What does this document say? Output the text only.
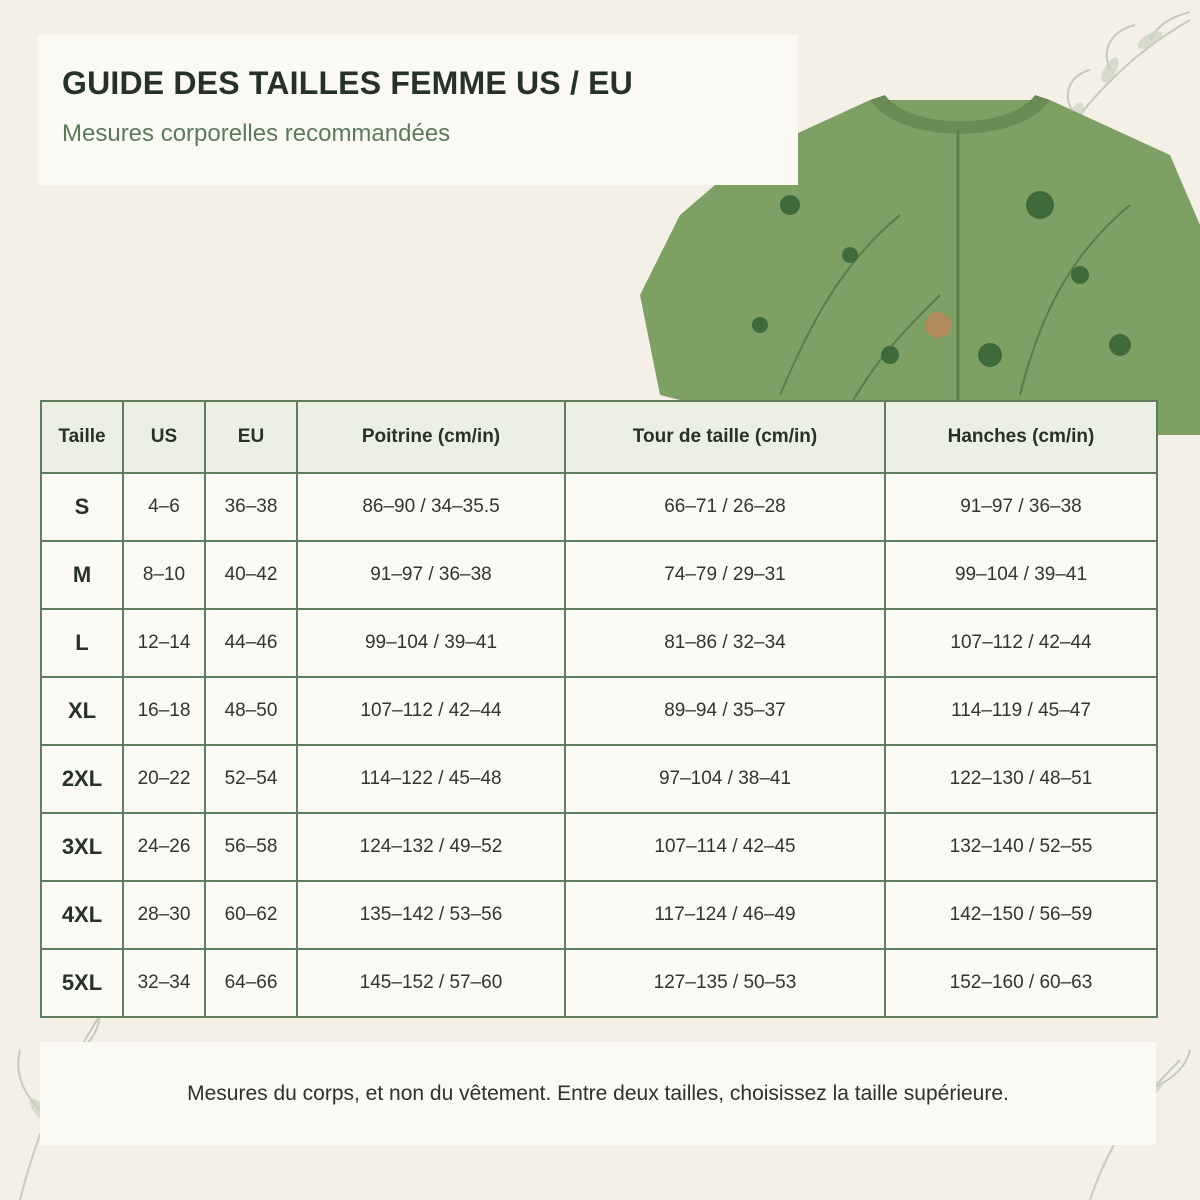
GUIDE DES TAILLES FEMME US / EU
Mesures corporelles recommandées
Taille	US	EU	Poitrine (cm/in)	Tour de taille (cm/in)	Hanches (cm/in)
S	4–6	36–38	86–90 / 34–35.5	66–71 / 26–28	91–97 / 36–38
M	8–10	40–42	91–97 / 36–38	74–79 / 29–31	99–104 / 39–41
L	12–14	44–46	99–104 / 39–41	81–86 / 32–34	107–112 / 42–44
XL	16–18	48–50	107–112 / 42–44	89–94 / 35–37	114–119 / 45–47
2XL	20–22	52–54	114–122 / 45–48	97–104 / 38–41	122–130 / 48–51
3XL	24–26	56–58	124–132 / 49–52	107–114 / 42–45	132–140 / 52–55
4XL	28–30	60–62	135–142 / 53–56	117–124 / 46–49	142–150 / 56–59
5XL	32–34	64–66	145–152 / 57–60	127–135 / 50–53	152–160 / 60–63
Mesures du corps, et non du vêtement. Entre deux tailles, choisissez la taille supérieure.
